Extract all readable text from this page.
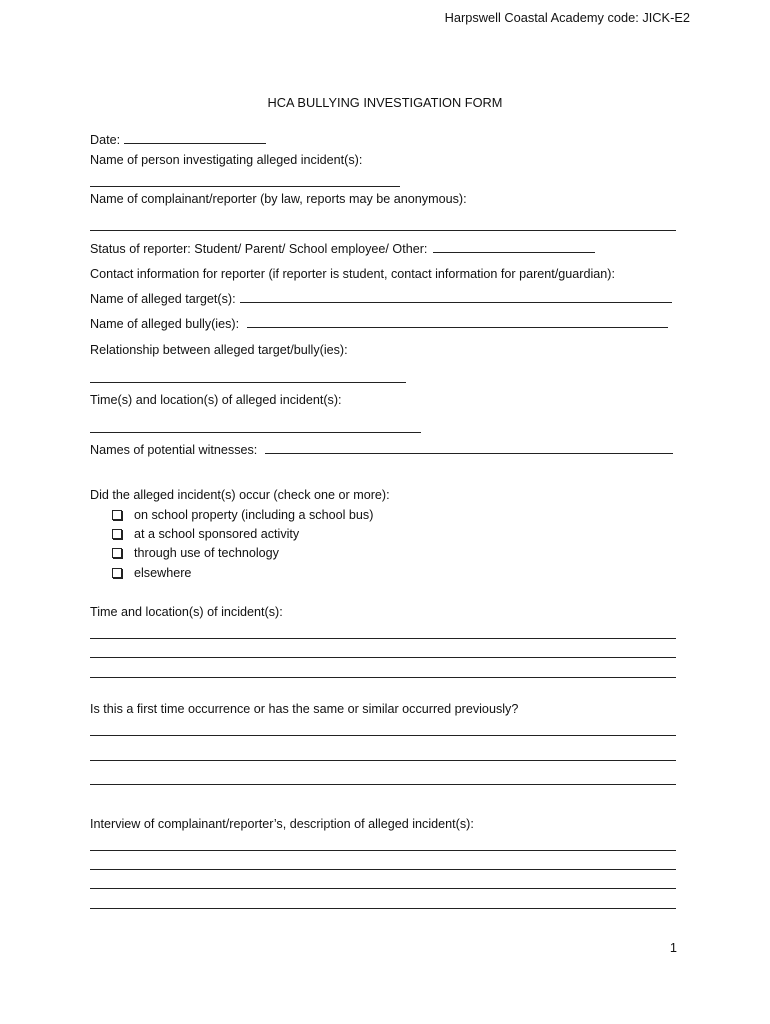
Harpswell Coastal Academy code: JICK-E2
HCA BULLYING INVESTIGATION FORM
Date:
Name of person investigating alleged incident(s):
Name of complainant/reporter (by law, reports may be anonymous):
Status of reporter: Student/ Parent/ School employee/ Other:
Contact information for reporter (if reporter is student, contact information for parent/guardian):
Name of alleged target(s):
Name of alleged bully(ies):
Relationship between alleged target/bully(ies):
Time(s) and location(s) of alleged incident(s):
Names of potential witnesses:
Did the alleged incident(s) occur (check one or more):
on school property (including a school bus)
at a school sponsored activity
through use of technology
elsewhere
Time and location(s) of incident(s):
Is this a first time occurrence or has the same or similar occurred previously?
Interview of complainant/reporter’s, description of alleged incident(s):
1
